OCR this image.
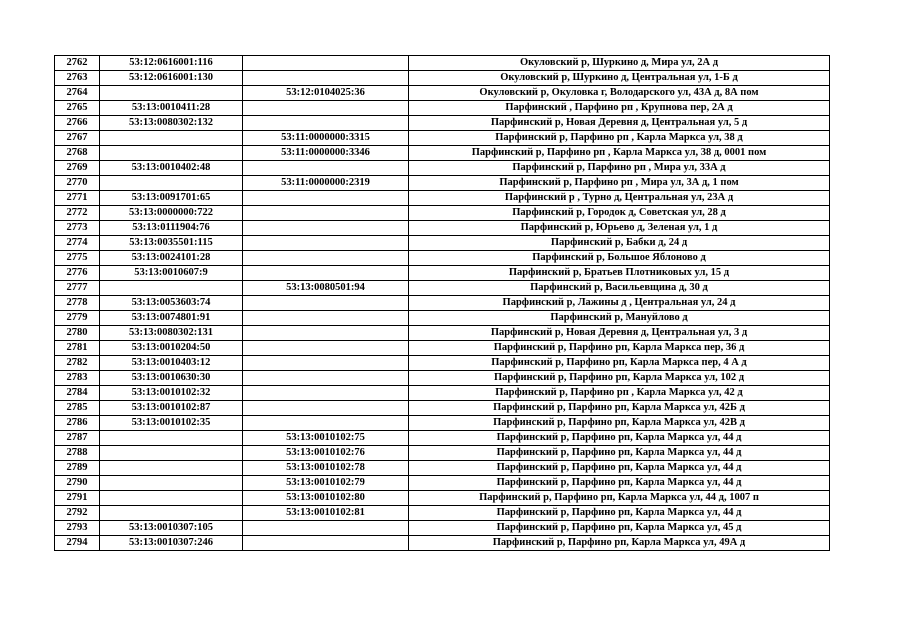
2762	53:12:0616001:116		Окуловский р, Шуркино д, Мира ул, 2А д
2763	53:12:0616001:130		Окуловский р, Шуркино д, Центральная ул, 1-Б д
2764		53:12:0104025:36	Окуловский р, Окуловка г, Володарского ул, 43А д, 8А пом
2765	53:13:0010411:28		Парфинский , Парфино рп , Крупнова пер, 2А д
2766	53:13:0080302:132		Парфинский р, Новая Деревня д, Центральная ул, 5 д
2767		53:11:0000000:3315	Парфинский р, Парфино рп , Карла Маркса ул, 38 д
2768		53:11:0000000:3346	Парфинский р, Парфино рп , Карла Маркса ул, 38 д, 0001 пом
2769	53:13:0010402:48		Парфинский р, Парфино рп , Мира ул, 33А д
2770		53:11:0000000:2319	Парфинский р, Парфино рп , Мира ул, 3А д, 1 пом
2771	53:13:0091701:65		Парфинский р , Турно д, Центральная ул, 23А д
2772	53:13:0000000:722		Парфинский р, Городок д, Советская ул, 28 д
2773	53:13:0111904:76		Парфинский р, Юрьево д, Зеленая ул, 1 д
2774	53:13:0035501:115		Парфинский р, Бабки д, 24 д
2775	53:13:0024101:28		Парфинский р, Большое Яблоново д
2776	53:13:0010607:9		Парфинский р, Братьев Плотниковых ул, 15 д
2777		53:13:0080501:94	Парфинский р, Васильевщина д, 30 д
2778	53:13:0053603:74		Парфинский р, Лажины д , Центральная ул, 24 д
2779	53:13:0074801:91		Парфинский р, Мануйлово д
2780	53:13:0080302:131		Парфинский р, Новая Деревня д, Центральная ул, 3 д
2781	53:13:0010204:50		Парфинский р, Парфино рп, Карла Маркса пер, 36 д
2782	53:13:0010403:12		Парфинский р, Парфино рп, Карла Маркса пер, 4 А д
2783	53:13:0010630:30		Парфинский р, Парфино рп, Карла Маркса ул, 102 д
2784	53:13:0010102:32		Парфинский р, Парфино рп , Карла Маркса ул, 42 д
2785	53:13:0010102:87		Парфинский р, Парфино рп, Карла Маркса ул, 42Б д
2786	53:13:0010102:35		Парфинский р, Парфино рп, Карла Маркса ул, 42В д
2787		53:13:0010102:75	Парфинский р, Парфино рп, Карла Маркса ул, 44 д
2788		53:13:0010102:76	Парфинский р, Парфино рп, Карла Маркса ул, 44 д
2789		53:13:0010102:78	Парфинский р, Парфино рп, Карла Маркса ул, 44 д
2790		53:13:0010102:79	Парфинский р, Парфино рп, Карла Маркса ул, 44 д
2791		53:13:0010102:80	Парфинский р, Парфино рп, Карла Маркса ул, 44 д, 1007 п
2792		53:13:0010102:81	Парфинский р, Парфино рп, Карла Маркса ул, 44 д
2793	53:13:0010307:105		Парфинский р, Парфино рп, Карла Маркса ул, 45 д
2794	53:13:0010307:246		Парфинский р, Парфино рп, Карла Маркса ул, 49А д
